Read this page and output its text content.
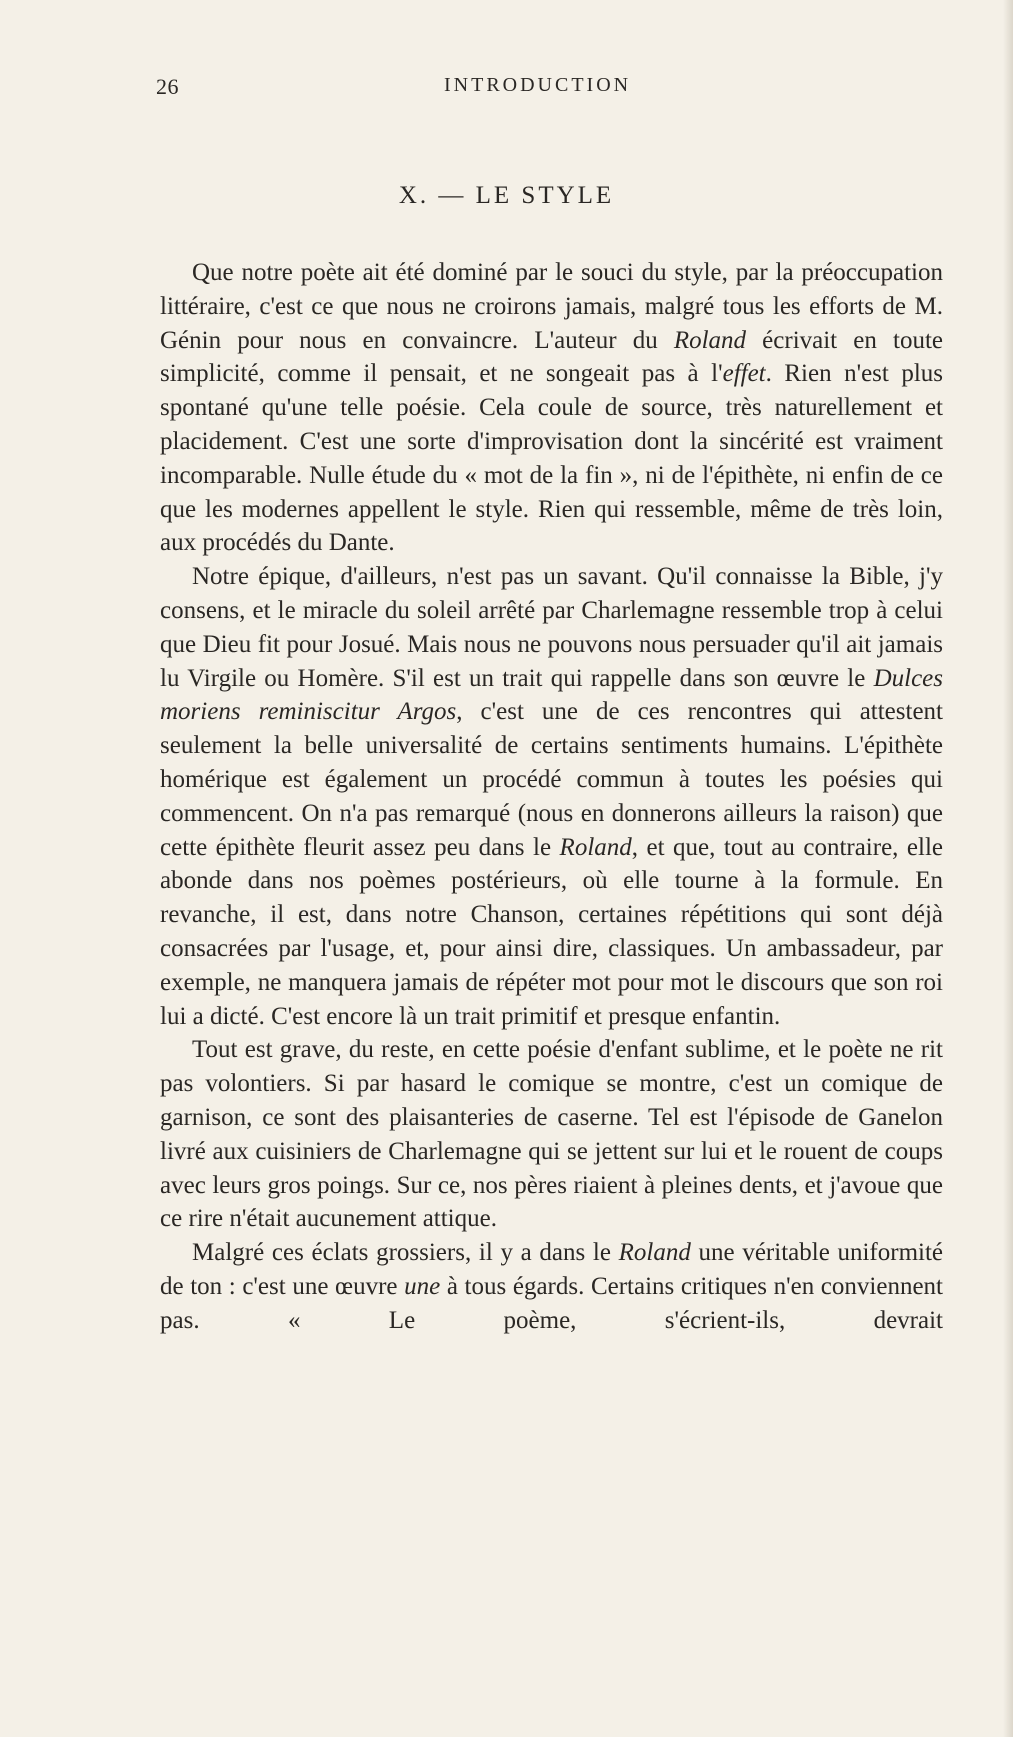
26	INTRODUCTION
X. — LE STYLE

Que notre poète ait été dominé par le souci du style, par la préoccupation littéraire, c'est ce que nous ne croirons jamais, malgré tous les efforts de M. Génin pour nous en convaincre. L'auteur du Roland écrivait en toute simplicité, comme il pensait, et ne songeait pas à l'effet. Rien n'est plus spontané qu'une telle poésie. Cela coule de source, très naturellement et placidement. C'est une sorte d'improvisation dont la sincérité est vraiment incomparable. Nulle étude du « mot de la fin », ni de l'épithète, ni enfin de ce que les modernes appellent le style. Rien qui ressemble, même de très loin, aux procédés du Dante.

Notre épique, d'ailleurs, n'est pas un savant. Qu'il connaisse la Bible, j'y consens, et le miracle du soleil arrêté par Charlemagne ressemble trop à celui que Dieu fit pour Josué. Mais nous ne pouvons nous persuader qu'il ait jamais lu Virgile ou Homère. S'il est un trait qui rappelle dans son œuvre le Dulces moriens reminiscitur Argos, c'est une de ces rencontres qui attestent seulement la belle universalité de certains sentiments humains. L'épithète homérique est également un procédé commun à toutes les poésies qui commencent. On n'a pas remarqué (nous en donnerons ailleurs la raison) que cette épithète fleurit assez peu dans le Roland, et que, tout au contraire, elle abonde dans nos poèmes postérieurs, où elle tourne à la formule. En revanche, il est, dans notre Chanson, certaines répétitions qui sont déjà consacrées par l'usage, et, pour ainsi dire, classiques. Un ambassadeur, par exemple, ne manquera jamais de répéter mot pour mot le discours que son roi lui a dicté. C'est encore là un trait primitif et presque enfantin.

Tout est grave, du reste, en cette poésie d'enfant sublime, et le poète ne rit pas volontiers. Si par hasard le comique se montre, c'est un comique de garnison, ce sont des plaisanteries de caserne. Tel est l'épisode de Ganelon livré aux cuisiniers de Charlemagne qui se jettent sur lui et le rouent de coups avec leurs gros poings. Sur ce, nos pères riaient à pleines dents, et j'avoue que ce rire n'était aucunement attique.

Malgré ces éclats grossiers, il y a dans le Roland une véritable uniformité de ton : c'est une œuvre une à tous égards. Certains critiques n'en conviennent pas. « Le poème, s'écrient-ils, devrait
